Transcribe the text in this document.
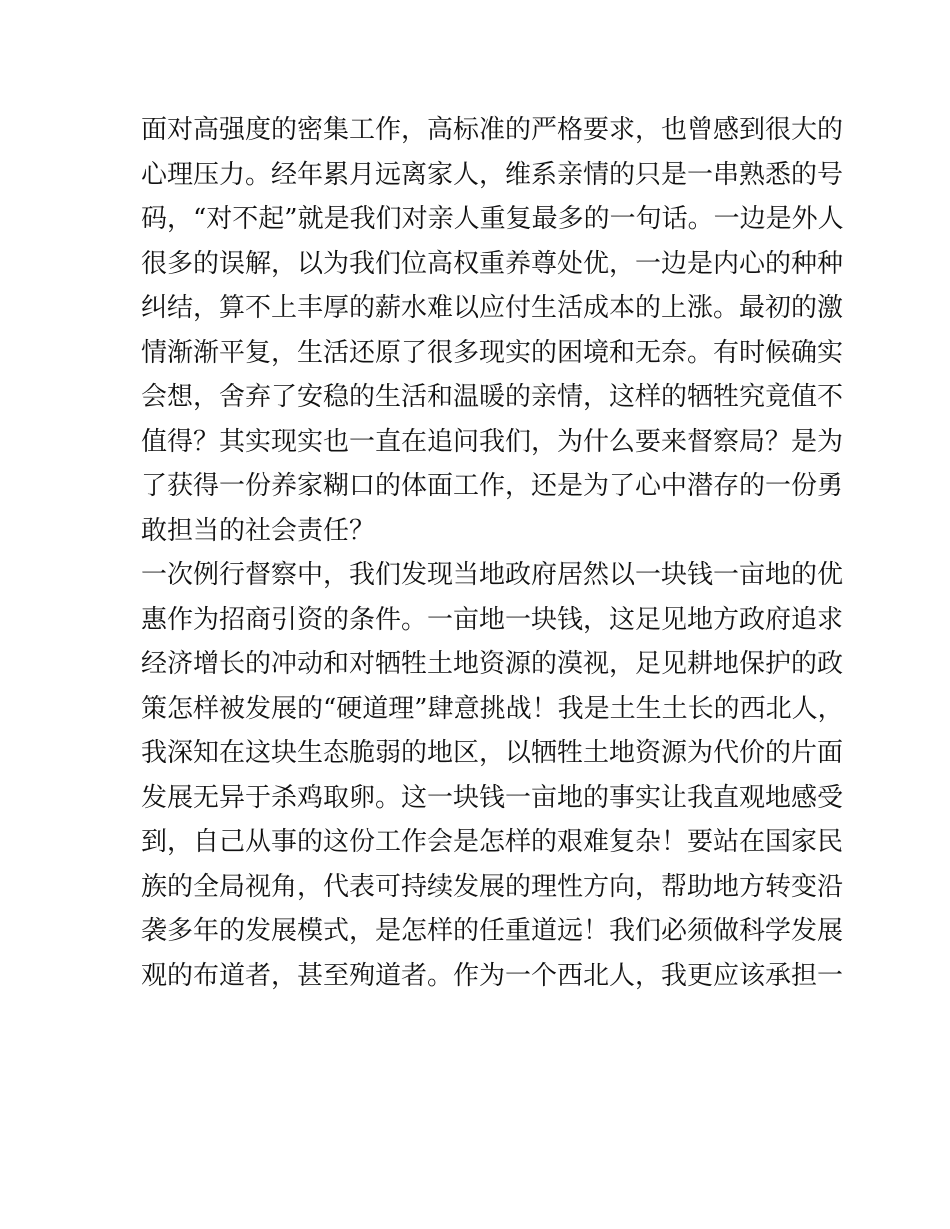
面对高强度的密集工作，高标准的严格要求，也曾感到很大的
心理压力。经年累月远离家人，维系亲情的只是一串熟悉的号
码，“对不起”就是我们对亲人重复最多的一句话。一边是外人
很多的误解，以为我们位高权重养尊处优，一边是内心的种种
纠结，算不上丰厚的薪水难以应付生活成本的上涨。最初的激
情渐渐平复，生活还原了很多现实的困境和无奈。有时候确实
会想，舍弃了安稳的生活和温暖的亲情，这样的牺牲究竟值不
值得？其实现实也一直在追问我们，为什么要来督察局？是为
了获得一份养家糊口的体面工作，还是为了心中潜存的一份勇
敢担当的社会责任？
一次例行督察中，我们发现当地政府居然以一块钱一亩地的优
惠作为招商引资的条件。一亩地一块钱，这足见地方政府追求
经济增长的冲动和对牺牲土地资源的漠视，足见耕地保护的政
策怎样被发展的“硬道理”肆意挑战！我是土生土长的西北人，
我深知在这块生态脆弱的地区，以牺牲土地资源为代价的片面
发展无异于杀鸡取卵。这一块钱一亩地的事实让我直观地感受
到，自己从事的这份工作会是怎样的艰难复杂！要站在国家民
族的全局视角，代表可持续发展的理性方向，帮助地方转变沿
袭多年的发展模式，是怎样的任重道远！我们必须做科学发展
观的布道者，甚至殉道者。作为一个西北人，我更应该承担一
